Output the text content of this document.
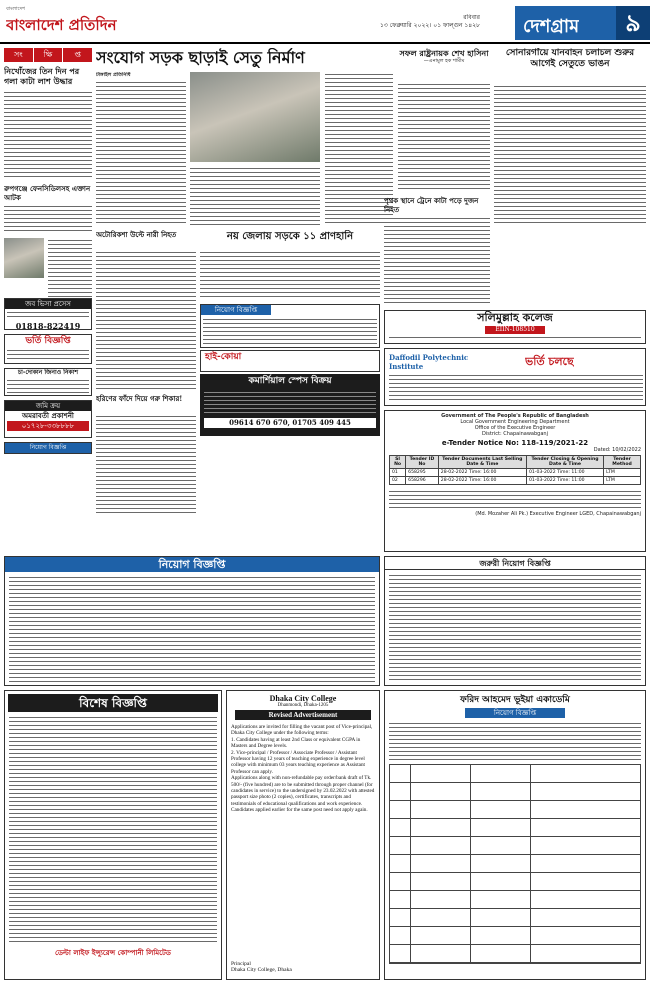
বাংলাদেশ
বাংলাদেশ প্রতিদিন	রবিবার
১৩ ফেব্রুয়ারি ২০২২। ০১ ফাল্গুন ১৪২৮ দেশগ্রাম	৯
সং	ক্ষি	প্ত
নিখোঁজের তিন দিন পর গলা কাটা লাশ উদ্ধার
রুপগঞ্জে ফেনসিডিলসহ এক্তান আটক
জব ভিসা প্রসেস
01818-822419
ভর্তি বিজ্ঞপ্তি
চা-দোকান জিনাও নিকাশ
জমি ক্রয়
অমরাবতী প্রকাশনী
০১৭২৮-৩৩৮৮৮৮
নিয়োগ বিজ্ঞপ্তি
সংযোগ সড়ক ছাড়াই সেতু নির্মাণ
টাঙ্গাইল প্রতিনিধি
সফল রাষ্ট্রনায়ক শেখ হাসিনা
—এনামুল হক শামীম
সোনারগাঁয়ে যানবাহন চলাচল শুরুর আগেই সেতুতে ভাঙন
অটোরিকশা উল্টে নারী নিহত	নয় জেলায় সড়কে ১১ প্রাণহানি
পৃথক স্থানে ট্রেনে কাটা পড়ে দুজন নিহত
হরিণের ফাঁদে দিয়ে গরু শিকার!
নিয়োগ বিজ্ঞপ্তি
হাই-কোয়া
কমার্শিয়াল স্পেস বিক্রয়
09614 670 670, 01705 409 445
সলিমুল্লাহ কলেজ
EIIN-108510
Daffodil Polytechnic Institute	ভর্তি চলছে
Government of The People's Republic of Bangladesh
Local Government Engineering Department
Office of the Executive Engineer
District: Chapainawabganj
e-Tender Notice No: 118-119/2021-22
Dated: 10/02/2022
Sl No	Tender ID No	Tender Documents Last Selling Date & Time	Tender Closing & Opening Date & Time	Tender Method
01	658295	28-02-2022 Time: 16:00	01-03-2022 Time: 11:00	LTM
02	658296	28-02-2022 Time: 16:00	01-03-2022 Time: 11:00	LTM
(Md. Mozaher Ali Pk.) Executive Engineer LGED, Chapainawabganj
নিয়োগ বিজ্ঞপ্তি	জরুরী নিয়োগ বিজ্ঞপ্তি
বিশেষ বিজ্ঞপ্তি
ডেল্টা লাইফ ইন্স্যুরেন্স কোম্পানী লিমিটেড
Dhaka City College
Dhanmondi, Dhaka-1205
Revised Advertisement

Applications are invited for filling the vacant post of Vice-principal, Dhaka City College under the following terms:

1. Candidates having at least 2nd Class or equivalent CGPA in Masters and Degree levels.

2. Vice-principal / Professor / Associate Professor / Assistant Professor having 12 years of teaching experience in degree level college with minimum 03 years teaching experience as Assistant Professor can apply.

Applications along with non-refundable pay order/bank draft of Tk. 500/- (five hundred) are to be submitted through proper channel (for candidates in service) to the undersigned by 23.02.2022 with attested passport size photo (2 copies), certificates, transcripts and testimonials of educational qualifications and work experience. Candidates applied earlier for the same post need not apply again.

Principal
Dhaka City College, Dhaka
ফরিদ আহমেদ ভূইয়া একাডেমি
নিয়োগ বিজ্ঞপ্তি
